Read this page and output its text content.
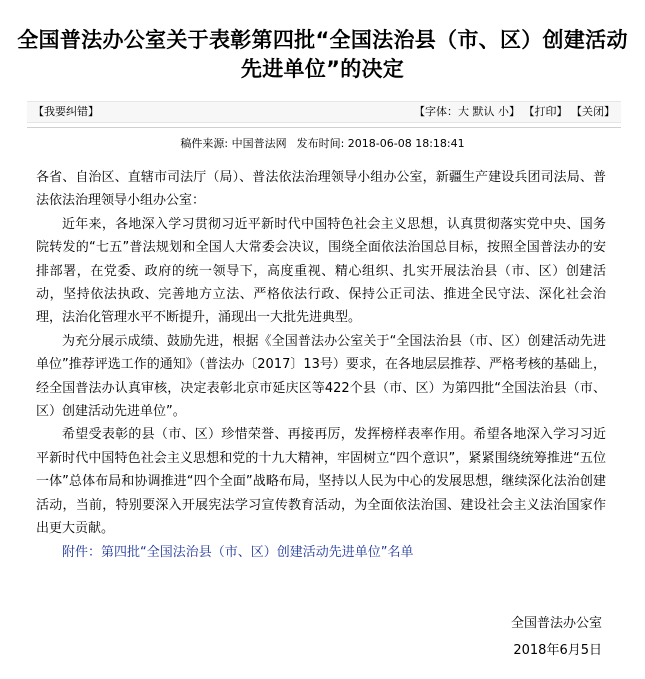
全国普法办公室关于表彰第四批“全国法治县（市、区）创建活动先进单位”的决定
【我要纠错】	【字体：大 默认 小】 【打印】 【关闭】
稿件来源: 中国普法网 发布时间: 2018-06-08 18:18:41

各省、自治区、直辖市司法厅（局）、普法依法治理领导小组办公室，新疆生产建设兵团司法局、普法依法治理领导小组办公室：

近年来，各地深入学习贯彻习近平新时代中国特色社会主义思想，认真贯彻落实党中央、国务院转发的“七五”普法规划和全国人大常委会决议，围绕全面依法治国总目标，按照全国普法办的安排部署，在党委、政府的统一领导下，高度重视、精心组织、扎实开展法治县（市、区）创建活动，坚持依法执政、完善地方立法、严格依法行政、保持公正司法、推进全民守法、深化社会治理，法治化管理水平不断提升，涌现出一大批先进典型。

为充分展示成绩、鼓励先进，根据《全国普法办公室关于“全国法治县（市、区）创建活动先进单位”推荐评选工作的通知》（普法办〔2017〕13号）要求，在各地层层推荐、严格考核的基础上，经全国普法办认真审核，决定表彰北京市延庆区等422个县（市、区）为第四批“全国法治县（市、区）创建活动先进单位”。

希望受表彰的县（市、区）珍惜荣誉、再接再厉，发挥榜样表率作用。希望各地深入学习习近平新时代中国特色社会主义思想和党的十九大精神，牢固树立“四个意识”，紧紧围绕统筹推进“五位一体”总体布局和协调推进“四个全面”战略布局，坚持以人民为中心的发展思想，继续深化法治创建活动，当前，特别要深入开展宪法学习宣传教育活动，为全面依法治国、建设社会主义法治国家作出更大贡献。

附件：第四批“全国法治县（市、区）创建活动先进单位”名单

全国普法办公室
2018年6月5日
